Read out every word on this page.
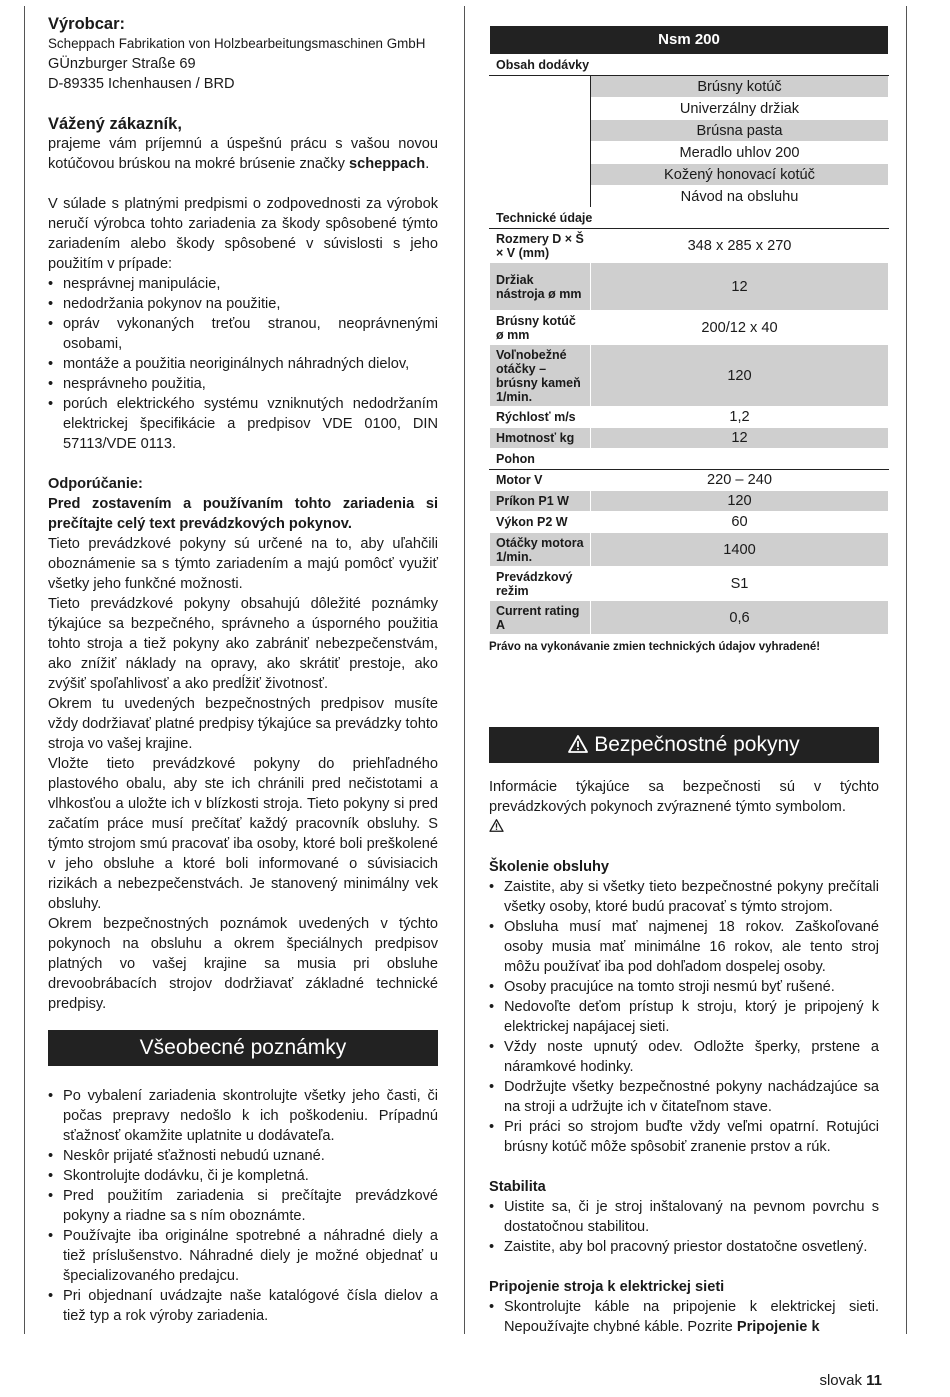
Výrobcar:

Scheppach Fabrikation von Holzbearbeitungsmaschinen GmbH

GÜnzburger Straße 69

D-89335 Ichenhausen / BRD

Vážený zákazník,

prajeme vám príjemnú a úspešnú prácu s vašou novou kotúčovou brúskou na mokré brúsenie značky scheppach.

V súlade s platnými predpismi o zodpovednosti za výrobok neručí výrobca tohto zariadenia za škody spôsobené týmto zariadením alebo škody spôsobené v súvislosti s jeho použitím v prípade:

• nesprávnej manipulácie,
• nedodržania pokynov na použitie,
• opráv vykonaných treťou stranou, neoprávnenými osobami,
• montáže a použitia neoriginálnych náhradných dielov,
• nesprávneho použitia,
• porúch elektrického systému vzniknutých nedodržaním elektrickej špecifikácie a predpisov VDE 0100, DIN 57113/VDE 0113.

Odporúčanie:

Pred zostavením a používaním tohto zariadenia si prečítajte celý text prevádzkových pokynov.

Tieto prevádzkové pokyny sú určené na to, aby uľahčili oboznámenie sa s týmto zariadením a majú pomôcť využiť všetky jeho funkčné možnosti.

Tieto prevádzkové pokyny obsahujú dôležité poznámky týkajúce sa bezpečného, správneho a úsporného použitia tohto stroja a tiež pokyny ako zabrániť nebezpečenstvám, ako znížiť náklady na opravy, ako skrátiť prestoje, ako zvýšiť spoľahlivosť a ako predĺžiť životnosť.

Okrem tu uvedených bezpečnostných predpisov musíte vždy dodržiavať platné predpisy týkajúce sa prevádzky tohto stroja vo vašej krajine.

Vložte tieto prevádzkové pokyny do priehľadného plastového obalu, aby ste ich chránili pred nečistotami a vlhkosťou a uložte ich v blízkosti stroja. Tieto pokyny si pred začatím práce musí prečítať každý pracovník obsluhy. S týmto strojom smú pracovať iba osoby, ktoré boli preškolené v jeho obsluhe a ktoré boli informované o súvisiacich rizikách a nebezpečenstvách. Je stanovený minimálny vek obsluhy.

Okrem bezpečnostných poznámok uvedených v týchto pokynoch na obsluhu a okrem špeciálnych predpisov platných vo vašej krajine sa musia pri obsluhe drevoobrábacích strojov dodržiavať základné technické predpisy.

Všeobecné poznámky
• Po vybalení zariadenia skontrolujte všetky jeho časti, či počas prepravy nedošlo k ich poškodeniu. Prípadnú sťažnosť okamžite uplatnite u dodávateľa.
• Neskôr prijaté sťažnosti nebudú uznané.
• Skontrolujte dodávku, či je kompletná.
• Pred použitím zariadenia si prečítajte prevádzkové pokyny a riadne sa s ním oboznámte.
• Používajte iba originálne spotrebné a náhradné diely a tiež príslušenstvo. Náhradné diely je možné objednať u špecializovaného predajcu.
• Pri objednaní uvádzajte naše katalógové čísla dielov a tiež typ a rok výroby zariadenia.
Nsm 200	
Obsah dodávky	
	Brúsny kotúč
	Univerzálny držiak
	Brúsna pasta
	Meradlo uhlov 200
	Kožený honovací kotúč
	Návod na obsluhu
Technické údaje	
Rozmery D × Š × V (mm)	348 x 285 x 270
Držiak nástroja ø mm	12
Brúsny kotúč ø mm	200/12 x 40
Voľnobežné otáčky – brúsny kameň 1/min.	120
Rýchlosť m/s	1,2
Hmotnosť kg	12
Pohon	
Motor V	220 – 240
Príkon P1 W	120
Výkon P2 W	60
Otáčky motora 1/min.	1400
Prevádzkový režim	S1
Current rating A	0,6

Právo na vykonávanie zmien technických údajov vyhradené!

Bezpečnostné pokyny

Informácie týkajúce sa bezpečnosti sú v týchto prevádzkových pokynoch zvýraznené týmto symbolom.

Školenie obsluhy

• Zaistite, aby si všetky tieto bezpečnostné pokyny prečítali všetky osoby, ktoré budú pracovať s týmto strojom.
• Obsluha musí mať najmenej 18 rokov. Zaškoľované osoby musia mať minimálne 16 rokov, ale tento stroj môžu používať iba pod dohľadom dospelej osoby.
• Osoby pracujúce na tomto stroji nesmú byť rušené.
• Nedovoľte deťom prístup k stroju, ktorý je pripojený k elektrickej napájacej sieti.
• Vždy noste upnutý odev. Odložte šperky, prstene a náramkové hodinky.
• Dodržujte všetky bezpečnostné pokyny nachádzajúce sa na stroji a udržujte ich v čitateľnom stave.
• Pri práci so strojom buďte vždy veľmi opatrní. Rotujúci brúsny kotúč môže spôsobiť zranenie prstov a rúk.

Stabilita

• Uistite sa, či je stroj inštalovaný na pevnom povrchu s dostatočnou stabilitou.
• Zaistite, aby bol pracovný priestor dostatočne osvetlený.

Pripojenie stroja k elektrickej sieti

• Skontrolujte káble na pripojenie k elektrickej sieti. Nepoužívajte chybné káble. Pozrite Pripojenie k
slovak 11
